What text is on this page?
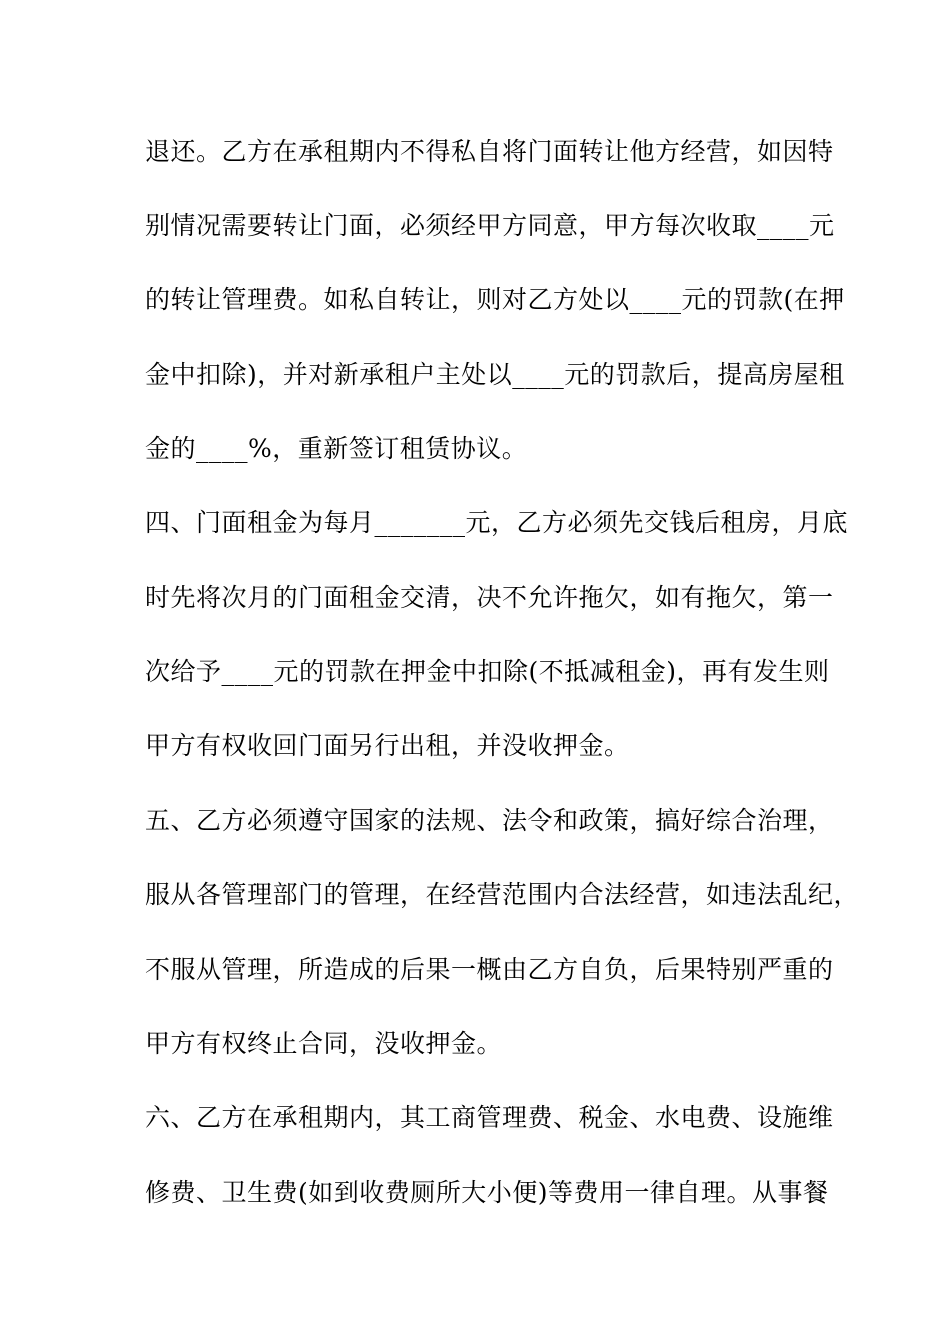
退还。乙方在承租期内不得私自将门面转让他方经营，如因特
别情况需要转让门面，必须经甲方同意，甲方每次收取____元
的转让管理费。如私自转让，则对乙方处以____元的罚款(在押
金中扣除)，并对新承租户主处以____元的罚款后，提高房屋租
金的____%，重新签订租赁协议。
四、门面租金为每月_______元，乙方必须先交钱后租房，月底
时先将次月的门面租金交清，决不允许拖欠，如有拖欠，第一
次给予____元的罚款在押金中扣除(不抵减租金)，再有发生则
甲方有权收回门面另行出租，并没收押金。
五、乙方必须遵守国家的法规、法令和政策，搞好综合治理，
服从各管理部门的管理，在经营范围内合法经营，如违法乱纪，
不服从管理，所造成的后果一概由乙方自负，后果特别严重的
甲方有权终止合同，没收押金。
六、乙方在承租期内，其工商管理费、税金、水电费、设施维
修费、卫生费(如到收费厕所大小便)等费用一律自理。从事餐
